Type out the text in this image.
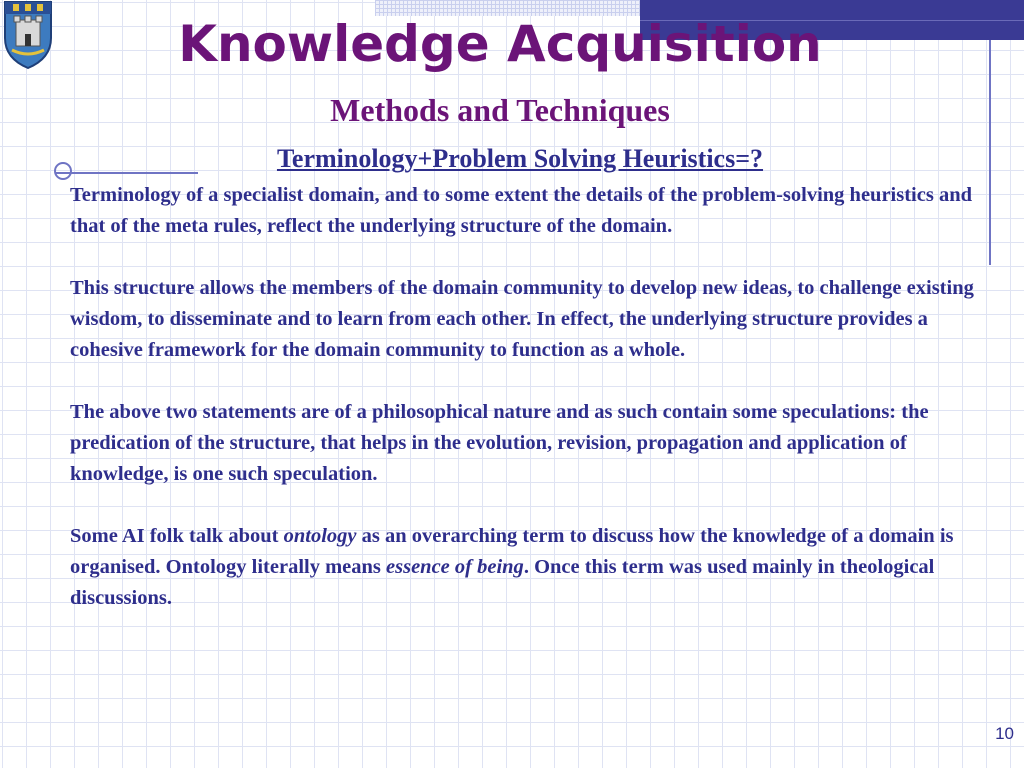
Knowledge Acquisition
Methods and Techniques
Terminology+Problem Solving Heuristics=?

Terminology of a specialist domain, and to some extent the details of the problem-solving heuristics and that of the meta rules, reflect the underlying structure of the domain.

This structure allows the members of the domain community to develop new ideas, to challenge existing wisdom, to disseminate and to learn from each other. In effect, the underlying structure provides a cohesive framework for the domain community to function as a whole.

The above two statements are of a philosophical nature and as such contain some speculations: the predication of the structure, that helps in the evolution, revision, propagation and application of knowledge, is one such speculation.

Some AI folk talk about ontology as an overarching term to discuss how the knowledge of a domain is organised. Ontology literally means essence of being. Once this term was used mainly in theological discussions.

10
